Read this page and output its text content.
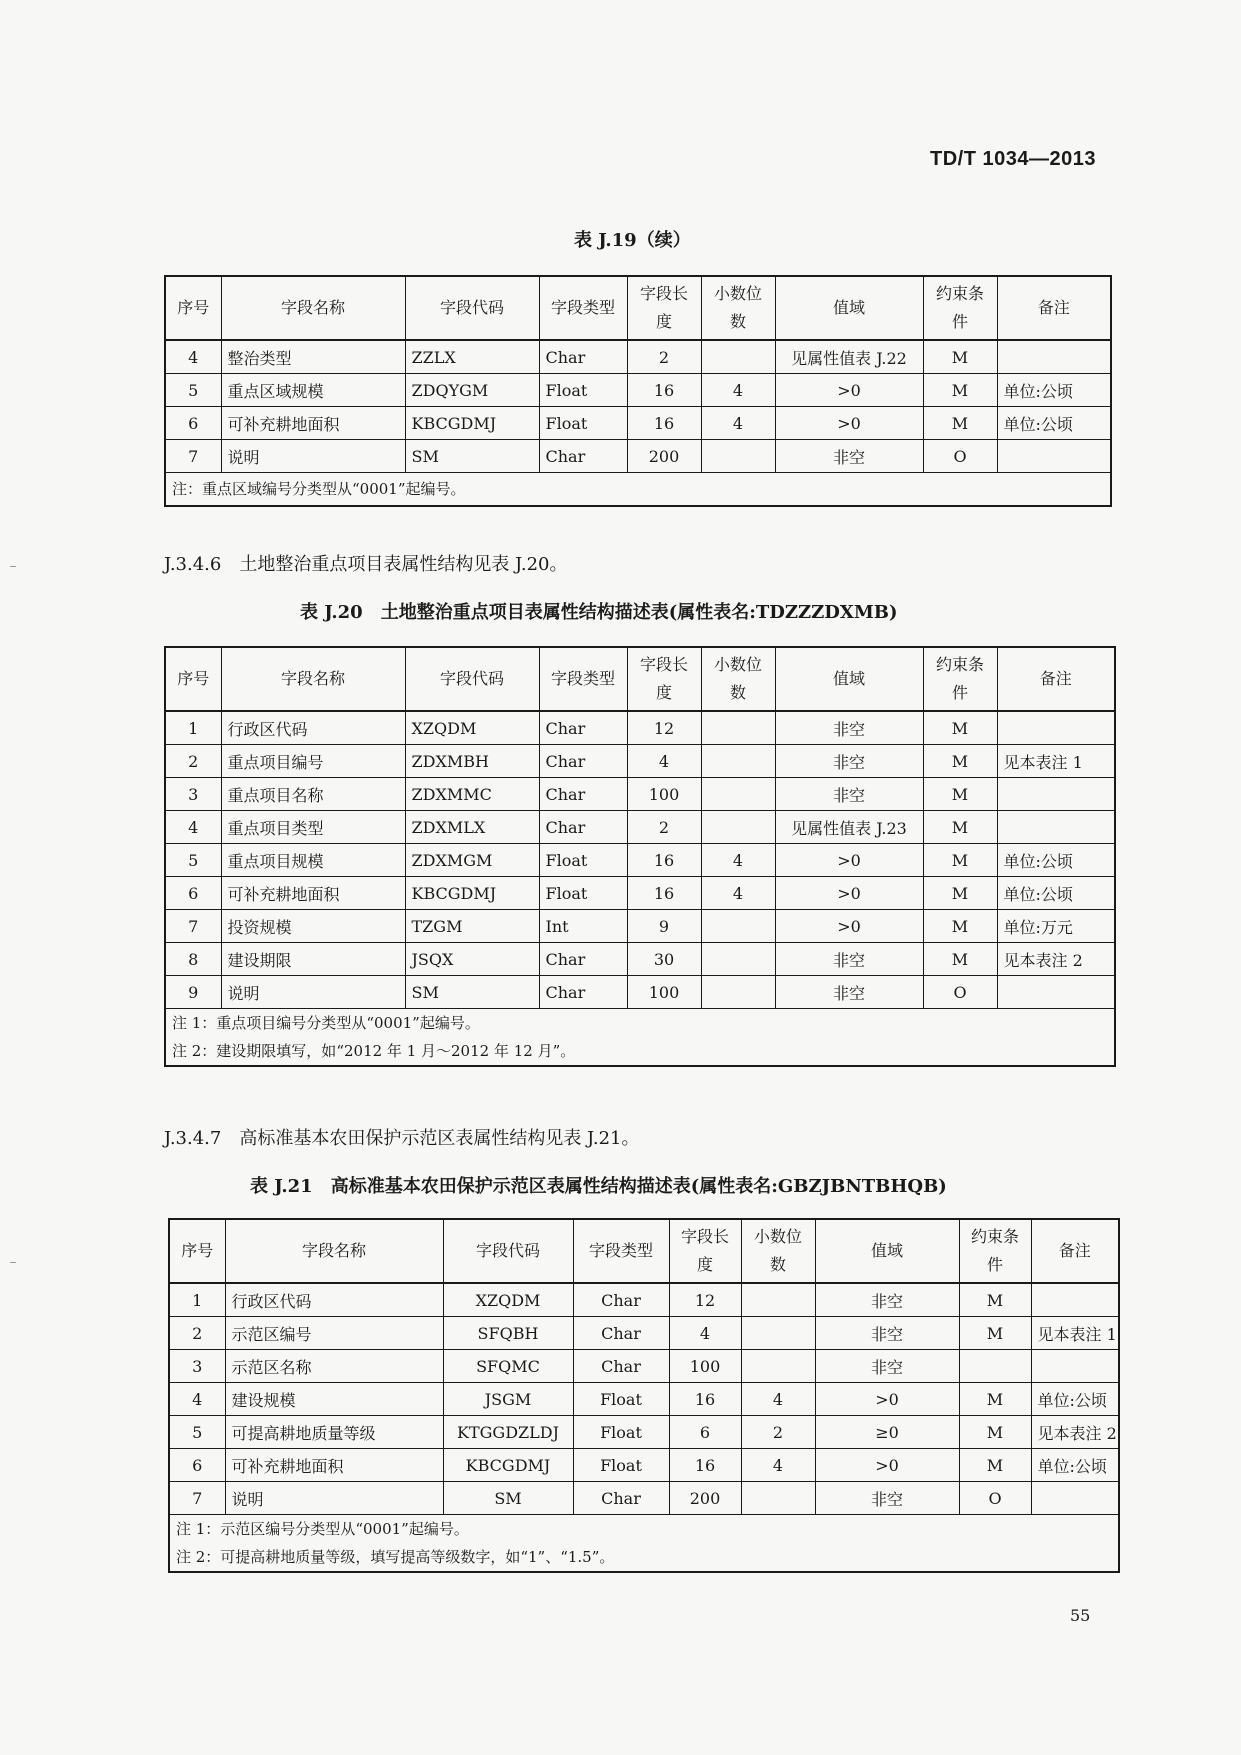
TD/T 1034—2013
表 J.19（续）
序号	字段名称	字段代码	字段类型	字段长度	小数位数	值域	约束条件	备注
4	整治类型	ZZLX	Char	2		见属性值表 J.22	M	
5	重点区域规模	ZDQYGM	Float	16	4	>0	M	单位:公顷
6	可补充耕地面积	KBCGDMJ	Float	16	4	>0	M	单位:公顷
7	说明	SM	Char	200		非空	O	

注：重点区域编号分类型从“0001”起编号。								
J.3.4.6　土地整治重点项目表属性结构见表 J.20。
表 J.20　土地整治重点项目表属性结构描述表(属性表名:TDZZZDXMB)
序号	字段名称	字段代码	字段类型	字段长度	小数位数	值域	约束条件	备注
1	行政区代码	XZQDM	Char	12		非空	M	
2	重点项目编号	ZDXMBH	Char	4		非空	M	见本表注 1
3	重点项目名称	ZDXMMC	Char	100		非空	M	
4	重点项目类型	ZDXMLX	Char	2		见属性值表 J.23	M	
5	重点项目规模	ZDXMGM	Float	16	4	>0	M	单位:公顷
6	可补充耕地面积	KBCGDMJ	Float	16	4	>0	M	单位:公顷
7	投资规模	TZGM	Int	9		>0	M	单位:万元
8	建设期限	JSQX	Char	30		非空	M	见本表注 2
9	说明	SM	Char	100		非空	O	

注 1：重点项目编号分类型从“0001”起编号。
注 2：建设期限填写，如“2012 年 1 月～2012 年 12 月”。								
J.3.4.7　高标准基本农田保护示范区表属性结构见表 J.21。
表 J.21　高标准基本农田保护示范区表属性结构描述表(属性表名:GBZJBNTBHQB)
序号	字段名称	字段代码	字段类型	字段长度	小数位数	值域	约束条件	备注
1	行政区代码	XZQDM	Char	12		非空	M	
2	示范区编号	SFQBH	Char	4		非空	M	见本表注 1
3	示范区名称	SFQMC	Char	100		非空		
4	建设规模	JSGM	Float	16	4	>0	M	单位:公顷
5	可提高耕地质量等级	KTGGDZLDJ	Float	6	2	≥0	M	见本表注 2
6	可补充耕地面积	KBCGDMJ	Float	16	4	>0	M	单位:公顷
7	说明	SM	Char	200		非空	O	

注 1：示范区编号分类型从“0001”起编号。
注 2：可提高耕地质量等级，填写提高等级数字，如“1”、“1.5”。								
55
